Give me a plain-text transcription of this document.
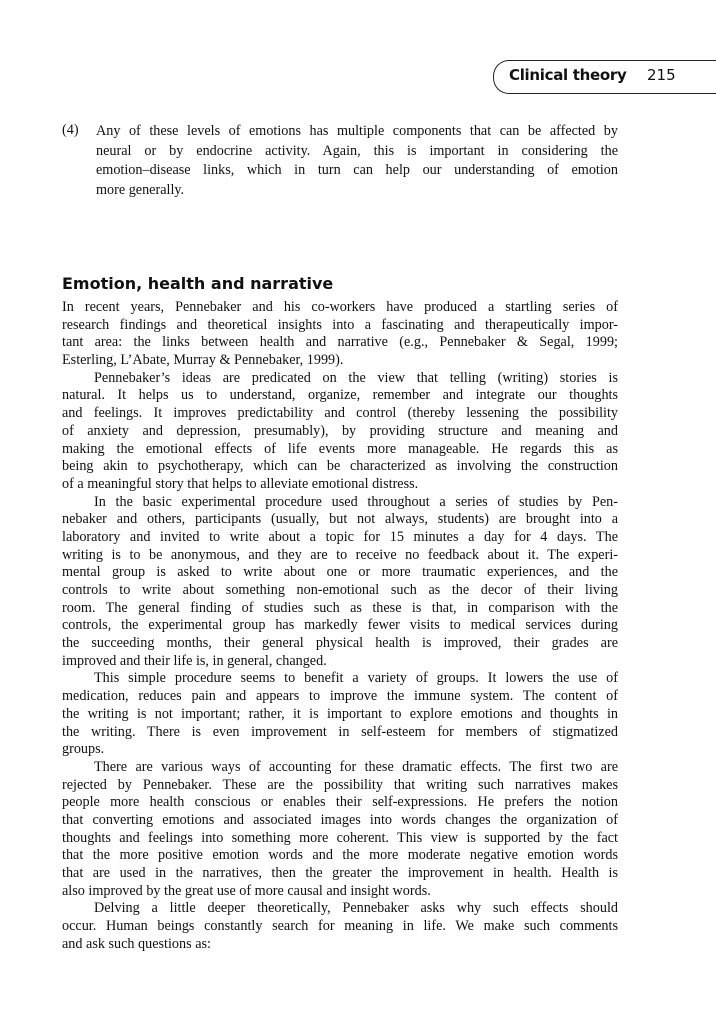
Clinical theory 215
(4) Any of these levels of emotions has multiple components that can be affected by
neural or by endocrine activity. Again, this is important in considering the
emotion–disease links, which in turn can help our understanding of emotion
more generally.
Emotion, health and narrative
In recent years, Pennebaker and his co-workers have produced a startling series of
research findings and theoretical insights into a fascinating and therapeutically impor-
tant area: the links between health and narrative (e.g., Pennebaker & Segal, 1999;
Esterling, L’Abate, Murray & Pennebaker, 1999).
Pennebaker’s ideas are predicated on the view that telling (writing) stories is
natural. It helps us to understand, organize, remember and integrate our thoughts
and feelings. It improves predictability and control (thereby lessening the possibility
of anxiety and depression, presumably), by providing structure and meaning and
making the emotional effects of life events more manageable. He regards this as
being akin to psychotherapy, which can be characterized as involving the construction
of a meaningful story that helps to alleviate emotional distress.
In the basic experimental procedure used throughout a series of studies by Pen-
nebaker and others, participants (usually, but not always, students) are brought into a
laboratory and invited to write about a topic for 15 minutes a day for 4 days. The
writing is to be anonymous, and they are to receive no feedback about it. The experi-
mental group is asked to write about one or more traumatic experiences, and the
controls to write about something non-emotional such as the decor of their living
room. The general finding of studies such as these is that, in comparison with the
controls, the experimental group has markedly fewer visits to medical services during
the succeeding months, their general physical health is improved, their grades are
improved and their life is, in general, changed.
This simple procedure seems to benefit a variety of groups. It lowers the use of
medication, reduces pain and appears to improve the immune system. The content of
the writing is not important; rather, it is important to explore emotions and thoughts in
the writing. There is even improvement in self-esteem for members of stigmatized
groups.
There are various ways of accounting for these dramatic effects. The first two are
rejected by Pennebaker. These are the possibility that writing such narratives makes
people more health conscious or enables their self-expressions. He prefers the notion
that converting emotions and associated images into words changes the organization of
thoughts and feelings into something more coherent. This view is supported by the fact
that the more positive emotion words and the more moderate negative emotion words
that are used in the narratives, then the greater the improvement in health. Health is
also improved by the great use of more causal and insight words.
Delving a little deeper theoretically, Pennebaker asks why such effects should
occur. Human beings constantly search for meaning in life. We make such comments
and ask such questions as:
